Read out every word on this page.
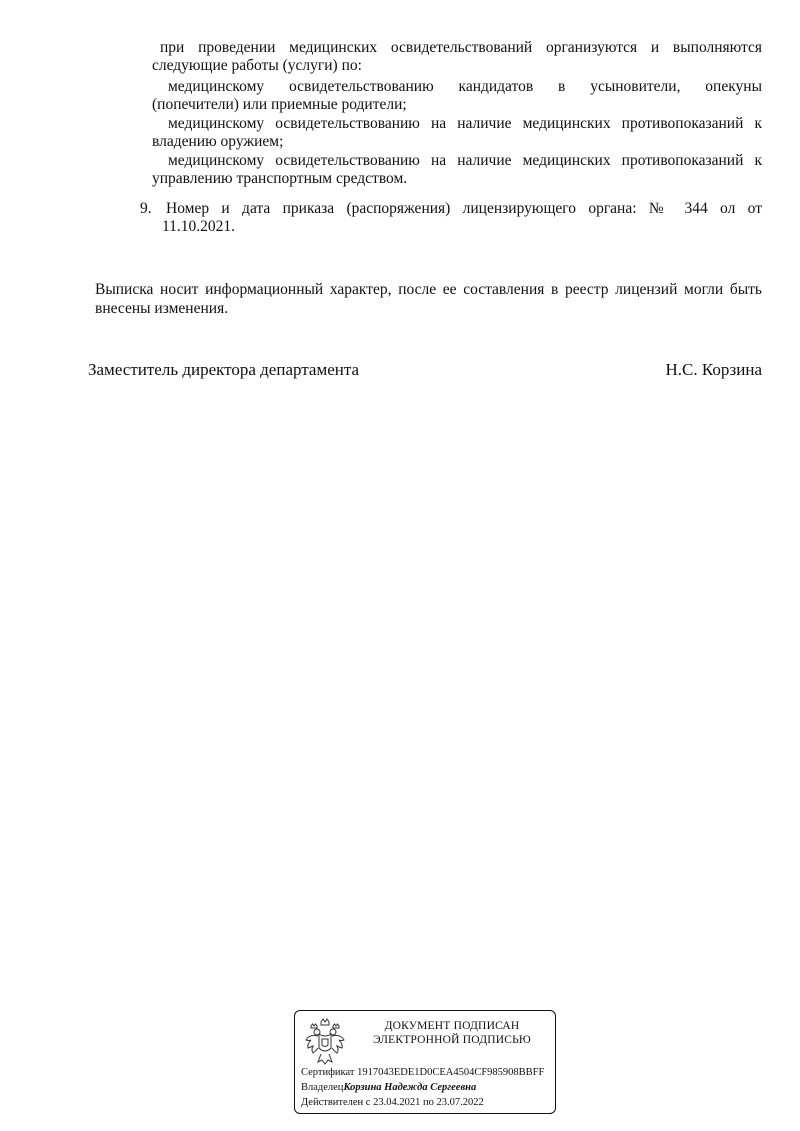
при проведении медицинских освидетельствований организуются и выполняются
следующие работы (услуги) по:
медицинскому освидетельствованию кандидатов в усыновители, опекуны
(попечители) или приемные родители;
медицинскому освидетельствованию на наличие медицинских противопоказаний к
владению оружием;
медицинскому освидетельствованию на наличие медицинских противопоказаний к
управлению транспортным средством.
9. Номер и дата приказа (распоряжения) лицензирующего органа: № 344 ол от
11.10.2021.
Выписка носит информационный характер, после ее составления в реестр лицензий могли быть
внесены изменения.
Заместитель директора департамента	Н.С. Корзина
ДОКУМЕНТ ПОДПИСАН
ЭЛЕКТРОННОЙ ПОДПИСЬЮ
Сертификат 1917043EDE1D0CEA4504CF985908BBFF
ВладелецКорзина Надежда Сергеевна
Действителен с 23.04.2021 по 23.07.2022
